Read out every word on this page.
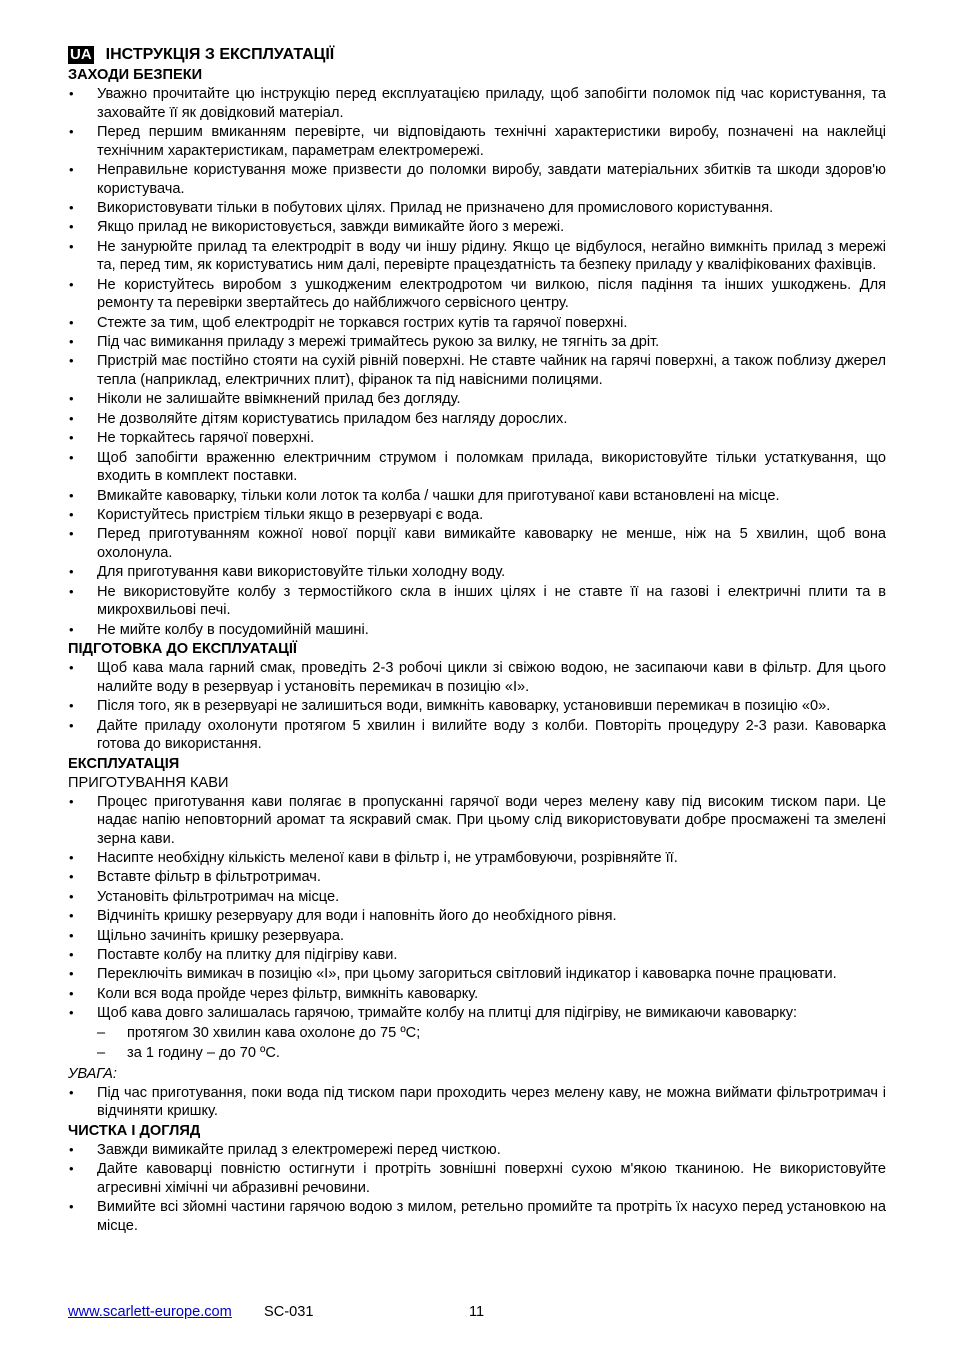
UA ІНСТРУКЦІЯ З ЕКСПЛУАТАЦІЇ
ЗАХОДИ БЕЗПЕКИ
• Уважно прочитайте цю інструкцію перед експлуатацією приладу, щоб запобігти поломок під час користування, та заховайте її як довідковий матеріал.
• Перед першим вмиканням перевірте, чи відповідають технічні характеристики виробу, позначені на наклейці технічним характеристикам, параметрам електромережі.
• Неправильне користування може призвести до поломки виробу, завдати матеріальних збитків та шкоди здоров'ю користувача.
• Використовувати тільки в побутових цілях. Прилад не призначено для промислового користування.
• Якщо прилад не використовується, завжди вимикайте його з мережі.
• Не занурюйте прилад та електродріт в воду чи іншу рідину. Якщо це відбулося, негайно вимкніть прилад з мережі та, перед тим, як користуватись ним далі, перевірте працездатність та безпеку приладу у кваліфікованих фахівців.
• Не користуйтесь виробом з ушкодженим електродротом чи вилкою, після падіння та інших ушкоджень. Для ремонту та перевірки звертайтесь до найближчого сервісного центру.
• Стежте за тим, щоб електродріт не торкався гострих кутів та гарячої поверхні.
• Під час вимикання приладу з мережі тримайтесь рукою за вилку, не тягніть за дріт.
• Пристрій має постійно стояти на сухій рівній поверхні. Не ставте чайник на гарячі поверхні, а також поблизу джерел тепла (наприклад, електричних плит), фіранок та під навісними полицями.
• Ніколи не залишайте ввімкнений прилад без догляду.
• Не дозволяйте дітям користуватись приладом без нагляду дорослих.
• Не торкайтесь гарячої поверхні.
• Щоб запобігти враженню електричним струмом і поломкам прилада, використовуйте тільки устаткування, що входить в комплект поставки.
• Вмикайте кавоварку, тільки коли лоток та колба / чашки для приготуваної кави встановлені на місце.
• Користуйтесь пристрієм тільки якщо в резервуарі є вода.
• Перед приготуванням кожної нової порції кави вимикайте кавоварку не менше, ніж на 5 хвилин, щоб вона охолонула.
• Для приготування кави використовуйте тільки холодну воду.
• Не використовуйте колбу з термостійкого скла в інших цілях і не ставте її на газові і електричні плити та в микрохвильові печі.
• Не мийте колбу в посудомийній машині.
ПІДГОТОВКА ДО ЕКСПЛУАТАЦІЇ
• Щоб кава мала гарний смак, проведіть 2-3 робочі цикли зі свіжою водою, не засипаючи кави в фільтр. Для цього налийте воду в резервуар і установіть перемикач в позицію «I».
• Після того, як в резервуарі не залишиться води, вимкніть кавоварку, установивши перемикач в позицію «0».
• Дайте приладу охолонути протягом 5 хвилин і вилийте воду з колби. Повторіть процедуру 2-3 рази. Кавоварка готова до використання.
ЕКСПЛУАТАЦІЯ
ПРИГОТУВАННЯ КАВИ
• Процес приготування кави полягає в пропусканні гарячої води через мелену каву під високим тиском пари. Це надає напію неповторний аромат та яскравий смак. При цьому слід використовувати добре просмажені та змелені зерна кави.
• Насипте необхідну кількість меленої кави в фільтр і, не утрамбовуючи, розрівняйте її.
• Вставте фільтр в фільтротримач.
• Установіть фільтротримач на місце.
• Відчиніть кришку резервуару для води і наповніть його до необхідного рівня.
• Щільно зачиніть кришку резервуара.
• Поставте колбу на плитку для підігріву кави.
• Переключіть вимикач в позицію «I», при цьому загориться світловий індикатор і кавоварка почне працювати.
• Коли вся вода пройде через фільтр, вимкніть кавоварку.
• Щоб кава довго залишалась гарячою, тримайте колбу на плитці для підігріву, не вимикаючи кавоварку:
– протягом 30 хвилин кава охолоне до 75 ºС;
– за 1 годину – до 70 ºС.
УВАГА:
• Під час приготування, поки вода під тиском пари проходить через мелену каву, не можна виймати фільтротримач і відчиняти кришку.
ЧИСТКА І ДОГЛЯД
• Завжди вимикайте прилад з електромережі перед чисткою.
• Дайте кавоварці повністю остигнути і протріть зовнішні поверхні сухою м'якою тканиною. Не використовуйте агресивні хімічні чи абразивні речовини.
• Вимийте всі зйомні частини гарячою водою з милом, ретельно промийте та протріть їх насухо перед установкою на місце.
www.scarlett-europe.com SC-031	11
